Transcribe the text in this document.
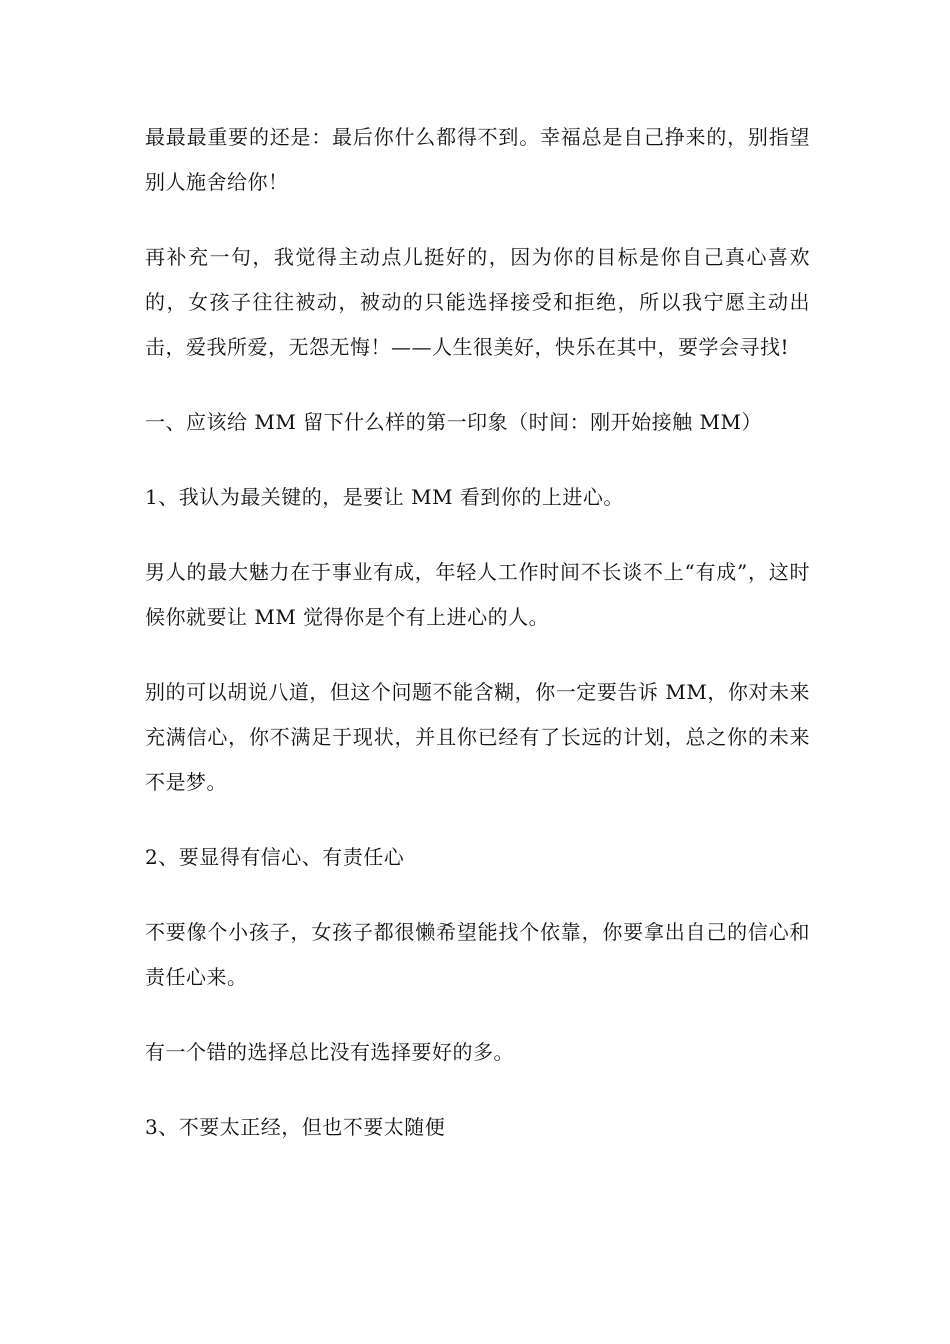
最最最重要的还是：最后你什么都得不到。幸福总是自己挣来的，别指望别人施舍给你！

再补充一句，我觉得主动点儿挺好的，因为你的目标是你自己真心喜欢的，女孩子往往被动，被动的只能选择接受和拒绝，所以我宁愿主动出击，爱我所爱，无怨无悔！——人生很美好，快乐在其中，要学会寻找!

一、应该给 MM 留下什么样的第一印象（时间：刚开始接触 MM）

1、我认为最关键的，是要让 MM 看到你的上进心。

男人的最大魅力在于事业有成，年轻人工作时间不长谈不上“有成”，这时候你就要让 MM 觉得你是个有上进心的人。

别的可以胡说八道，但这个问题不能含糊，你一定要告诉 MM，你对未来充满信心，你不满足于现状，并且你已经有了长远的计划，总之你的未来不是梦。

2、要显得有信心、有责任心

不要像个小孩子，女孩子都很懒希望能找个依靠，你要拿出自己的信心和责任心来。

有一个错的选择总比没有选择要好的多。

3、不要太正经，但也不要太随便
